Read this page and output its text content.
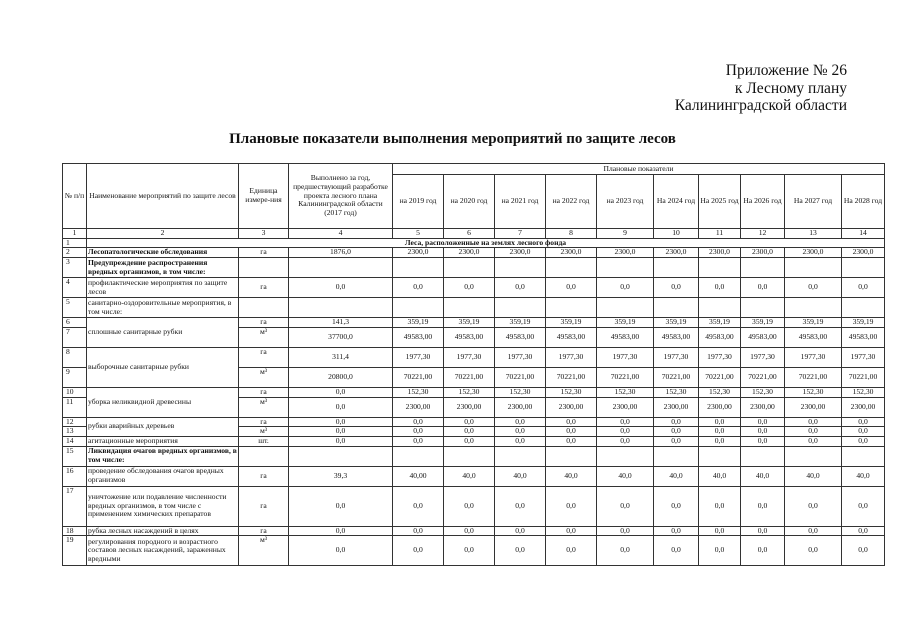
Приложение № 26
к Лесному плану
Калининградской области
Плановые показатели выполнения мероприятий по защите лесов
№ п/п	Наименование мероприятий по защите лесов	Единица измере-ния	Выполнено за год, предшествующий разработке проекта лесного плана Калининградской области (2017 год)	Плановые показатели									
				на 2019 год	на 2020 год	на 2021 год	на 2022 год	на 2023 год	На 2024 год	На 2025 год	На 2026 год	На 2027 год	На 2028 год
1	2	3	4	5	6	7	8	9	10	11	12	13	14
1	Леса, расположенные на землях лесного фонда												
2	Лесопатологические обследования	га	1876,0	2300,0	2300,0	2300,0	2300,0	2300,0	2300,0	2300,0	2300,0	2300,0	2300,0
3	Предупреждение распространения вредных организмов, в том числе:												
4	профилактические мероприятия по защите лесов	га	0,0	0,0	0,0	0,0	0,0	0,0	0,0	0,0	0,0	0,0	0,0
5	санитарно-оздоровительные мероприятия, в том числе:												
6	сплошные санитарные рубки	га	141,3	359,19	359,19	359,19	359,19	359,19	359,19	359,19	359,19	359,19	359,19
7		м³	37700,0	49583,00	49583,00	49583,00	49583,00	49583,00	49583,00	49583,00	49583,00	49583,00	49583,00
8	выборочные санитарные рубки	га	311,4	1977,30	1977,30	1977,30	1977,30	1977,30	1977,30	1977,30	1977,30	1977,30	1977,30
9		м³	20800,0	70221,00	70221,00	70221,00	70221,00	70221,00	70221,00	70221,00	70221,00	70221,00	70221,00
10	уборка неликвидной древесины	га	0,0	152,30	152,30	152,30	152,30	152,30	152,30	152,30	152,30	152,30	152,30
11		м³	0,0	2300,00	2300,00	2300,00	2300,00	2300,00	2300,00	2300,00	2300,00	2300,00	2300,00
12	рубки аварийных деревьев	га	0,0	0,0	0,0	0,0	0,0	0,0	0,0	0,0	0,0	0,0	0,0
13		м³	0,0	0,0	0,0	0,0	0,0	0,0	0,0	0,0	0,0	0,0	0,0
14	агитационные мероприятия	шт.	0,0	0,0	0,0	0,0	0,0	0,0	0,0	0,0	0,0	0,0	0,0
15	Ликвидация очагов вредных организмов, в том числе:												
16	проведение обследования очагов вредных организмов	га	39,3	40,00	40,0	40,0	40,0	40,0	40,0	40,0	40,0	40,0	40,0
17	уничтожение или подавление численности вредных организмов, в том числе с применением химических препаратов	га	0,0	0,0	0,0	0,0	0,0	0,0	0,0	0,0	0,0	0,0	0,0
18	рубка лесных насаждений в целях	га	0,0	0,0	0,0	0,0	0,0	0,0	0,0	0,0	0,0	0,0	0,0
19	регулирования породного и возрастного составов лесных насаждений, зараженных вредными	м³	0,0	0,0	0,0	0,0	0,0	0,0	0,0	0,0	0,0	0,0	0,0
